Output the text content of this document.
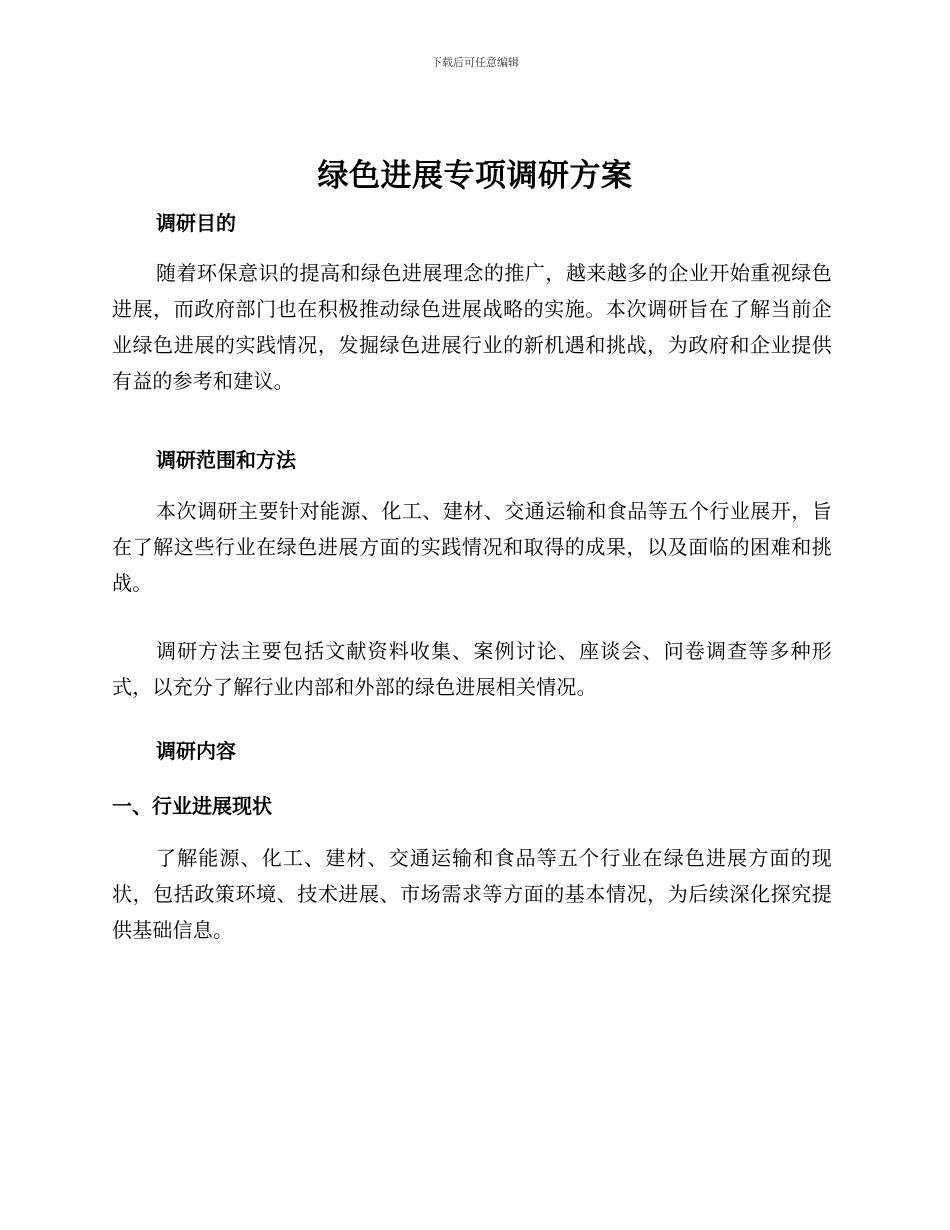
下载后可任意编辑
绿色进展专项调研方案
调研目的
随着环保意识的提高和绿色进展理念的推广，越来越多的企业开始重视绿色进展，而政府部门也在积极推动绿色进展战略的实施。本次调研旨在了解当前企业绿色进展的实践情况，发掘绿色进展行业的新机遇和挑战，为政府和企业提供有益的参考和建议。
调研范围和方法
本次调研主要针对能源、化工、建材、交通运输和食品等五个行业展开，旨在了解这些行业在绿色进展方面的实践情况和取得的成果，以及面临的困难和挑战。
调研方法主要包括文献资料收集、案例讨论、座谈会、问卷调查等多种形式，以充分了解行业内部和外部的绿色进展相关情况。
调研内容
一、行业进展现状
了解能源、化工、建材、交通运输和食品等五个行业在绿色进展方面的现状，包括政策环境、技术进展、市场需求等方面的基本情况，为后续深化探究提供基础信息。
